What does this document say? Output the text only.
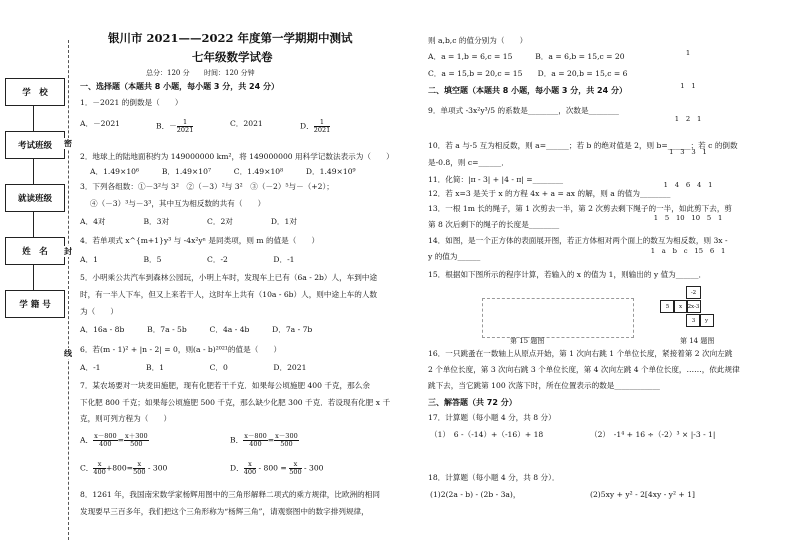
学　校
考试班级
就读班级
姓　名
学 籍 号
密
封
线
银川市 2021——2022 年度第一学期期中测试
七年级数学试卷
总分：120 分 时间：120 分钟
一、选择题（本题共 8 小题，每小题 3 分，共 24 分）
1．－2021 的倒数是（　　）
A．－2021	B．－ $\frac{1}{2021}$	C．2021	D． $\frac{1}{2021}$
2．地球上的陆地面积约为 149000000 km²，将 149000000 用科学记数法表示为（　　）
A．1.49×10⁶　　　B．1.49×10⁷　　　C．1.49×10⁸　　　D．1.49×10⁹
3．下列各组数：①－3²与 3²　②（－3）²与 3²　③（－2）⁵与－（+2）；
④（－3）³与－3³，其中互为相反数的共有（　　）
A．4对　　　　　B．3对　　　　　C．2对　　　　　D．1对
4．若单项式 x^{m+1}y³ 与 -4x²yⁿ 是同类项，则 m 的值是（　　）
A．1　　　　　　B．5　　　　　　C．-2　　　　　　D．-1
5．小明乘公共汽车到森林公园玩，小明上车时，发现车上已有（6a - 2b）人，车到中途
时，有一半人下车，但又上来若干人，这时车上共有（10a - 6b）人，则中途上车的人数
为（　　）
A．16a - 8b　　　B．7a - 5b　　　C．4a - 4b　　　D．7a - 7b
6．若(m - 1)² + |n - 2| = 0，则(a - b)²⁰²¹的值是（　　）
A．-1　　　　　　B．1　　　　　　C．0　　　　　　D．2021
7．某农场要对一块麦田施肥，现有化肥若干千克．如果每公顷施肥 400 千克，那么余
下化肥 800 千克；如果每公顷施肥 500 千克，那么缺少化肥 300 千克．若设现有化肥 x 千
克，则可列方程为（　　）
A． $\frac{x-800}{400} = \frac{x+300}{500}$	B． $\frac{x-800}{400} = \frac{x-300}{500}$
C． $\frac{x}{400} +800= \frac{x}{500} - 300$	D． $\frac{x}{400} - 800 = \frac{x}{500} - 300$
8．1261 年，我国南宋数学家杨辉用图中的三角形解释二项式的乘方规律，比欧洲的相同
发现要早三百多年，我们把这个三角形称为“杨辉三角”，请观察图中的数字排列规律，
则 a,b,c 的值分别为（　　）
A．a = 1,b = 6,c = 15　　　B．a = 6,b = 15,c = 20
C．a = 15,b = 20,c = 15　　D．a = 20,b = 15,c = 6
二、填空题（本题共 8 小题，每小题 3 分，共 24 分）
9．单项式 -3x²y³/5 的系数是________，次数是________
10．若 a 与-5 互为相反数，则 a=______；若 b 的绝对值是 2，则 b=______；若 c 的倒数
是-0.8，则 c=______．
11．化简：|π - 3| + |4 - π| =________
12．若 x=3 是关于 x 的方程 4x + a = ax 的解，则 a 的值为________
13．一根 1m 长的绳子，第 1 次剪去一半，第 2 次剪去剩下绳子的一半，如此剪下去，剪
第 8 次后剩下的绳子的长度是________
14．如图，是一个正方体的表面展开图，若正方体相对两个面上的数互为相反数，则 3x -
y 的值为______
15．根据如下图所示的程序计算，若输入的 x 的值为 1，则输出的 y 值为______．

1

1　1

1　2　1

1　3　3　1

1　4　6　4　1

1　5　10　10　5　1

1　a　b　c　15　6　1

-2
5	x	2x-3
3	y
第 15 题图	第 14 题图
16．一只跳蚤在一数轴上从原点开始，第 1 次向右跳 1 个单位长度，紧接着第 2 次向左跳
2 个单位长度，第 3 次向右跳 3 个单位长度，第 4 次向左跳 4 个单位长度，……，依此规律
跳下去，当它跳第 100 次落下时，所在位置表示的数是____________
三、解答题（共 72 分）
17．计算题（每小题 4 分，共 8 分）
（1）　6 -（-14）+（-16）+ 18	（2）　-1⁴ + 16 ÷（-2）³ × |-3 - 1|
18．计算题（每小题 4 分，共 8 分）．
(1)2(2a - b) - (2b - 3a)，	(2)5xy + y² - 2[4xy - y² + 1]
